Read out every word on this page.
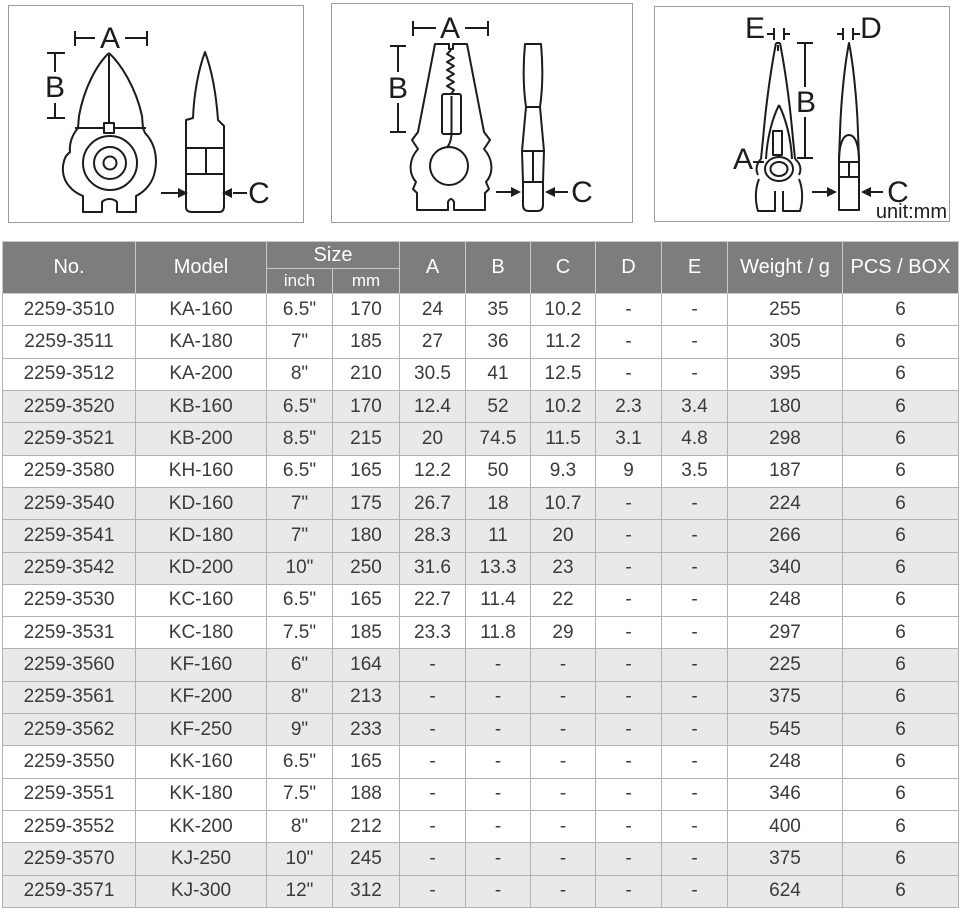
A
B
C
A
B
C
E	D
B
A
C
unit:mm
No.	Model	Size		A	B	C	D	E	Weight / g	PCS / BOX
		inch	mm							
2259-3510	KA-160	6.5"	170	24	35	10.2	-	-	255	6
2259-3511	KA-180	7"	185	27	36	11.2	-	-	305	6
2259-3512	KA-200	8"	210	30.5	41	12.5	-	-	395	6
2259-3520	KB-160	6.5"	170	12.4	52	10.2	2.3	3.4	180	6
2259-3521	KB-200	8.5"	215	20	74.5	11.5	3.1	4.8	298	6
2259-3580	KH-160	6.5"	165	12.2	50	9.3	9	3.5	187	6
2259-3540	KD-160	7"	175	26.7	18	10.7	-	-	224	6
2259-3541	KD-180	7"	180	28.3	11	20	-	-	266	6
2259-3542	KD-200	10"	250	31.6	13.3	23	-	-	340	6
2259-3530	KC-160	6.5"	165	22.7	11.4	22	-	-	248	6
2259-3531	KC-180	7.5"	185	23.3	11.8	29	-	-	297	6
2259-3560	KF-160	6"	164	-	-	-	-	-	225	6
2259-3561	KF-200	8"	213	-	-	-	-	-	375	6
2259-3562	KF-250	9"	233	-	-	-	-	-	545	6
2259-3550	KK-160	6.5"	165	-	-	-	-	-	248	6
2259-3551	KK-180	7.5"	188	-	-	-	-	-	346	6
2259-3552	KK-200	8"	212	-	-	-	-	-	400	6
2259-3570	KJ-250	10"	245	-	-	-	-	-	375	6
2259-3571	KJ-300	12"	312	-	-	-	-	-	624	6
